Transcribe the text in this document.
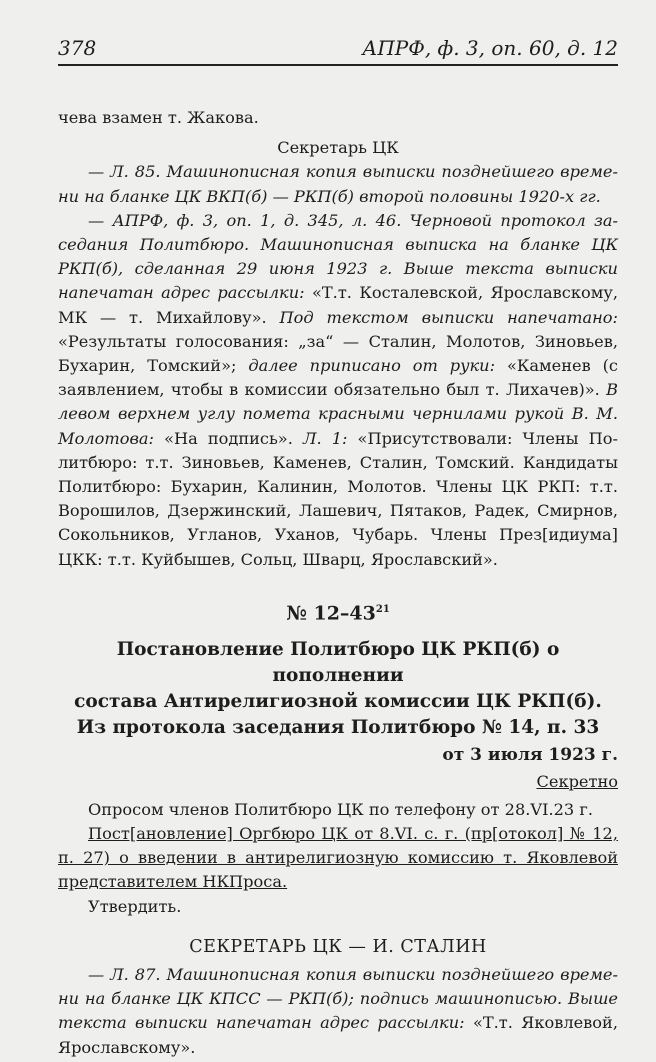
378	АПРФ, ф. 3, оп. 60, д. 12

чева взамен т. Жакова.

Секретарь ЦК

— Л. 85. Машинописная копия выписки позднейшего времени на бланке ЦК ВКП(б) — РКП(б) второй половины 1920-х гг.

— АПРФ, ф. 3, оп. 1, д. 345, л. 46. Черновой протокол заседания Политбюро. Машинописная выписка на бланке ЦК РКП(б), сделанная 29 июня 1923 г. Выше текста выписки напечатан адрес рассылки: «Т.т. Косталевской, Ярославскому, МК — т. Михайлову». Под текстом выписки напечатано: «Результаты голосования: „за“ — Сталин, Молотов, Зиновьев, Бухарин, Томский»; далее приписано от руки: «Каменев (с заявлением, чтобы в комиссии обязательно был т. Лихачев)». В левом верхнем углу помета красными чернилами рукой В. М. Молотова: «На подпись». Л. 1: «Присутствовали: Члены Политбюро: т.т. Зиновьев, Каменев, Сталин, Томский. Кандидаты Политбюро: Бухарин, Калинин, Молотов. Члены ЦК РКП: т.т. Ворошилов, Дзержинский, Лашевич, Пятаков, Радек, Смирнов, Сокольников, Угланов, Уханов, Чубарь. Члены През[идиума] ЦКК: т.т. Куйбышев, Сольц, Шварц, Ярославский».

№ $12-43^{21}$
Постановление Политбюро ЦК РКП(б) о пополнении
состава Антирелигиозной комиссии ЦК РКП(б).
Из протокола заседания Политбюро № 14, п. 33
от 3 июля 1923 г.
Секретно

Опросом членов Политбюро ЦК по телефону от 28.VI.23 г.

Пост[ановление] Оргбюро ЦК от 8.VI. с. г. (пр[отокол] № 12, п. 27) о введении в антирелигиозную комиссию т. Яковлевой представителем НКПроса.

Утвердить.

СЕКРЕТАРЬ ЦК — И. СТАЛИН

— Л. 87. Машинописная копия выписки позднейшего времени на бланке ЦК КПСС — РКП(б); подпись машинописью. Выше текста выписки напечатан адрес рассылки: «Т.т. Яковлевой, Ярославскому».
